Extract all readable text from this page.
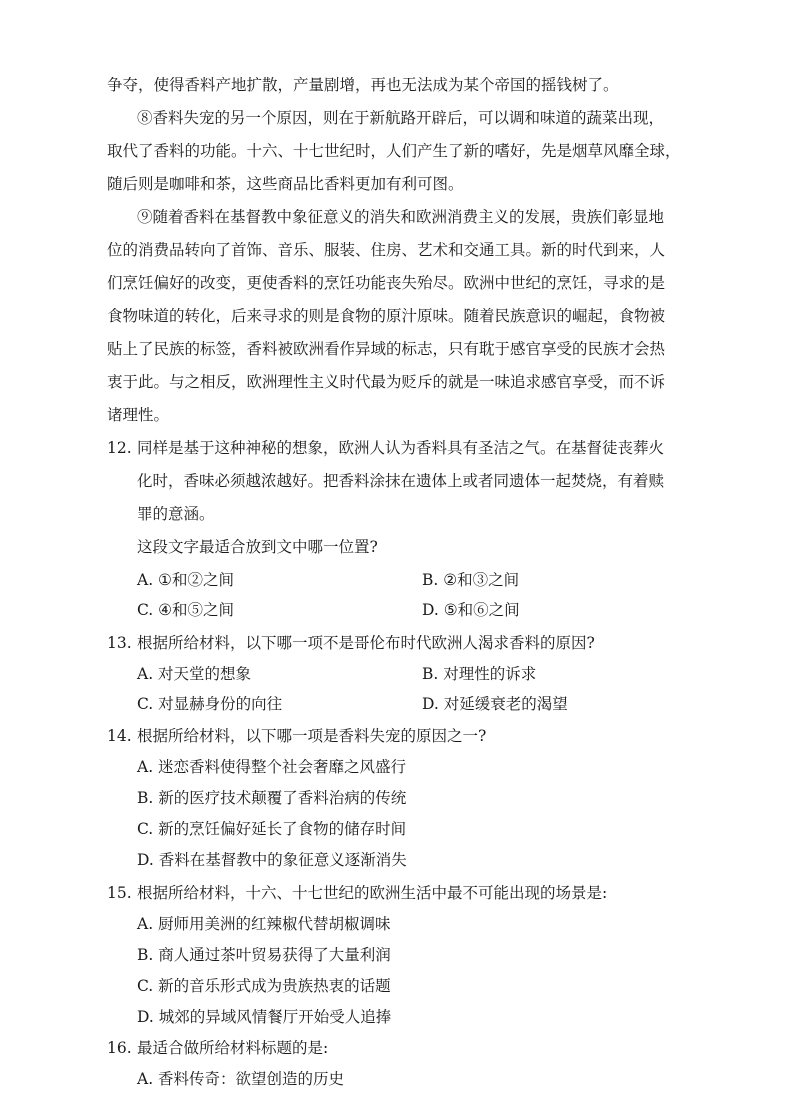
争夺，使得香料产地扩散，产量剧增，再也无法成为某个帝国的摇钱树了。
⑧香料失宠的另一个原因，则在于新航路开辟后，可以调和味道的蔬菜出现，
取代了香料的功能。十六、十七世纪时，人们产生了新的嗜好，先是烟草风靡全球，
随后则是咖啡和茶，这些商品比香料更加有利可图。
⑨随着香料在基督教中象征意义的消失和欧洲消费主义的发展，贵族们彰显地
位的消费品转向了首饰、音乐、服装、住房、艺术和交通工具。新的时代到来，人
们烹饪偏好的改变，更使香料的烹饪功能丧失殆尽。欧洲中世纪的烹饪，寻求的是
食物味道的转化，后来寻求的则是食物的原汁原味。随着民族意识的崛起，食物被
贴上了民族的标签，香料被欧洲看作异域的标志，只有耽于感官享受的民族才会热
衷于此。与之相反，欧洲理性主义时代最为贬斥的就是一味追求感官享受，而不诉
诸理性。
12. 同样是基于这种神秘的想象，欧洲人认为香料具有圣洁之气。在基督徒丧葬火
化时，香味必须越浓越好。把香料涂抹在遗体上或者同遗体一起焚烧，有着赎
罪的意涵。
这段文字最适合放到文中哪一位置?
A. ①和②之间	B. ②和③之间
C. ④和⑤之间	D. ⑤和⑥之间
13. 根据所给材料，以下哪一项不是哥伦布时代欧洲人渴求香料的原因?
A. 对天堂的想象	B. 对理性的诉求
C. 对显赫身份的向往	D. 对延缓衰老的渴望
14. 根据所给材料，以下哪一项是香料失宠的原因之一?
A. 迷恋香料使得整个社会奢靡之风盛行
B. 新的医疗技术颠覆了香料治病的传统
C. 新的烹饪偏好延长了食物的储存时间
D. 香料在基督教中的象征意义逐渐消失
15. 根据所给材料，十六、十七世纪的欧洲生活中最不可能出现的场景是:
A. 厨师用美洲的红辣椒代替胡椒调味
B. 商人通过茶叶贸易获得了大量利润
C. 新的音乐形式成为贵族热衷的话题
D. 城郊的异域风情餐厅开始受人追捧
16. 最适合做所给材料标题的是:
A. 香料传奇：欲望创造的历史
